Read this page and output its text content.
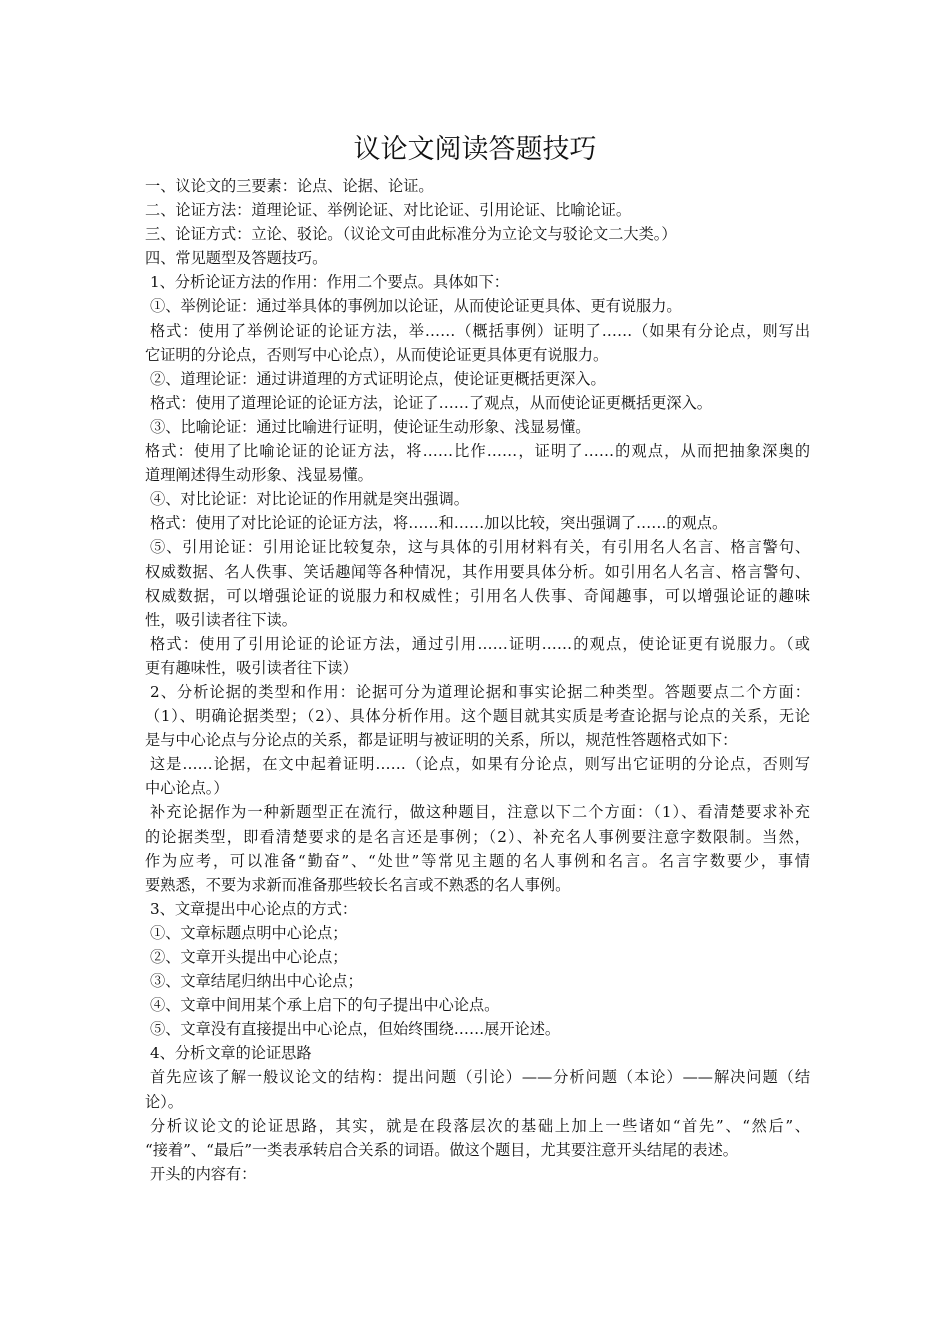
议论文阅读答题技巧
一、议论文的三要素：论点、论据、论证。
二、论证方法：道理论证、举例论证、对比论证、引用论证、比喻论证。
三、论证方式：立论、驳论。（议论文可由此标准分为立论文与驳论文二大类。）
四、常见题型及答题技巧。
1、分析论证方法的作用：作用二个要点。具体如下：
①、举例论证：通过举具体的事例加以论证，从而使论证更具体、更有说服力。
格式：使用了举例论证的论证方法，举……（概括事例）证明了……（如果有分论点，则写出
它证明的分论点，否则写中心论点），从而使论证更具体更有说服力。
②、道理论证：通过讲道理的方式证明论点，使论证更概括更深入。
格式：使用了道理论证的论证方法，论证了……了观点，从而使论证更概括更深入。
③、比喻论证：通过比喻进行证明，使论证生动形象、浅显易懂。
格式：使用了比喻论证的论证方法，将……比作……，证明了……的观点，从而把抽象深奥的
道理阐述得生动形象、浅显易懂。
④、对比论证：对比论证的作用就是突出强调。
格式：使用了对比论证的论证方法，将……和……加以比较，突出强调了……的观点。
⑤、引用论证：引用论证比较复杂，这与具体的引用材料有关，有引用名人名言、格言警句、
权威数据、名人佚事、笑话趣闻等各种情况，其作用要具体分析。如引用名人名言、格言警句、
权威数据，可以增强论证的说服力和权威性；引用名人佚事、奇闻趣事，可以增强论证的趣味
性，吸引读者往下读。
格式：使用了引用论证的论证方法，通过引用……证明……的观点，使论证更有说服力。（或
更有趣味性，吸引读者往下读）
2、分析论据的类型和作用：论据可分为道理论据和事实论据二种类型。答题要点二个方面：
（1）、明确论据类型；（2）、具体分析作用。这个题目就其实质是考查论据与论点的关系，无论
是与中心论点与分论点的关系，都是证明与被证明的关系，所以，规范性答题格式如下：
这是……论据，在文中起着证明……（论点，如果有分论点，则写出它证明的分论点，否则写
中心论点。）
补充论据作为一种新题型正在流行，做这种题目，注意以下二个方面：（1）、看清楚要求补充
的论据类型，即看清楚要求的是名言还是事例；（2）、补充名人事例要注意字数限制。当然，
作为应考，可以准备“勤奋”、“处世”等常见主题的名人事例和名言。名言字数要少，事情
要熟悉，不要为求新而准备那些较长名言或不熟悉的名人事例。
3、文章提出中心论点的方式：
①、文章标题点明中心论点；
②、文章开头提出中心论点；
③、文章结尾归纳出中心论点；
④、文章中间用某个承上启下的句子提出中心论点。
⑤、文章没有直接提出中心论点，但始终围绕……展开论述。
4、分析文章的论证思路
首先应该了解一般议论文的结构：提出问题（引论）——分析问题（本论）——解决问题（结
论）。
分析议论文的论证思路，其实，就是在段落层次的基础上加上一些诸如“首先”、“然后”、
“接着”、“最后”一类表承转启合关系的词语。做这个题目，尤其要注意开头结尾的表述。
开头的内容有：
